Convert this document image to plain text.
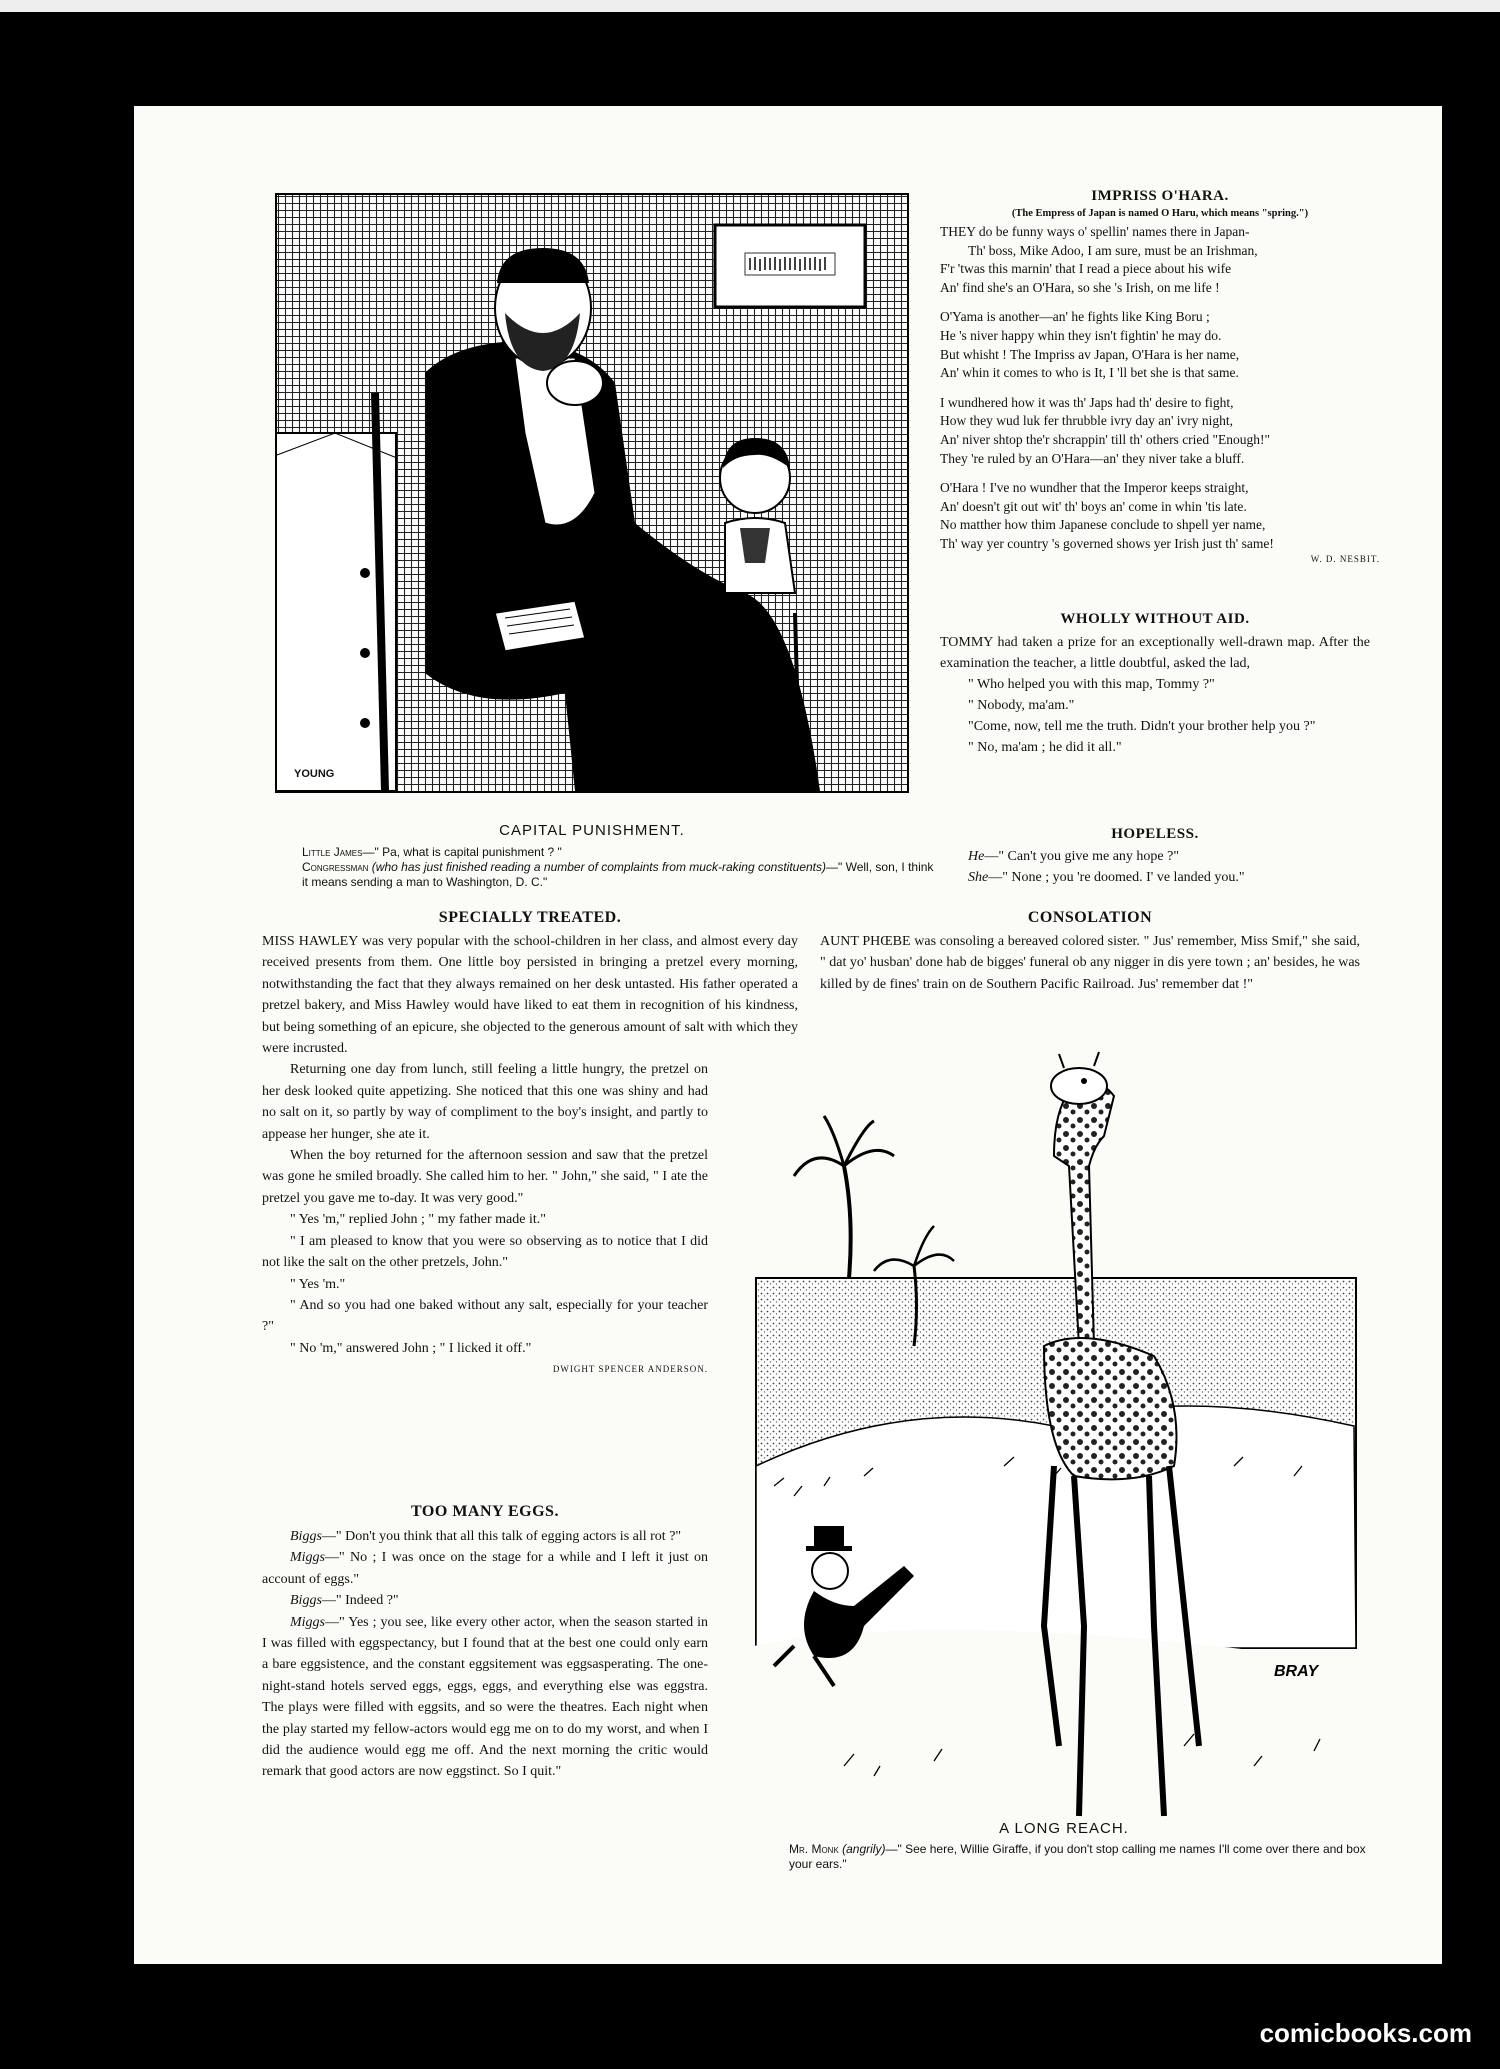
YOUNG
CAPITAL PUNISHMENT.
Little James—" Pa, what is capital punishment ? "
Congressman (who has just finished reading a number of complaints from muck-raking constituents)—" Well, son, I think it means sending a man to Washington, D. C."
IMPRISS O'HARA.
(The Empress of Japan is named O Haru, which means "spring.")
THEY do be funny ways o' spellin' names there in Japan-
Th' boss, Mike Adoo, I am sure, must be an Irishman,
F'r 'twas this marnin' that I read a piece about his wife
An' find she's an O'Hara, so she 's Irish, on me life !
O'Yama is another—an' he fights like King Boru ;
He 's niver happy whin they isn't fightin' he may do.
But whisht ! The Impriss av Japan, O'Hara is her name,
An' whin it comes to who is It, I 'll bet she is that same.
I wundhered how it was th' Japs had th' desire to fight,
How they wud luk fer thrubble ivry day an' ivry night,
An' niver shtop the'r shcrappin' till th' others cried "Enough!"
They 're ruled by an O'Hara—an' they niver take a bluff.
O'Hara ! I've no wundher that the Imperor keeps straight,
An' doesn't git out wit' th' boys an' come in whin 'tis late.
No matther how thim Japanese conclude to shpell yer name,
Th' way yer country 's governed shows yer Irish just th' same!
W. D. NESBIT.
WHOLLY WITHOUT AID.

TOMMY had taken a prize for an exceptionally well-drawn map. After the examination the teacher, a little doubtful, asked the lad,

" Who helped you with this map, Tommy ?"

" Nobody, ma'am."

"Come, now, tell me the truth. Didn't your brother help you ?"

" No, ma'am ; he did it all."

HOPELESS.
He—" Can't you give me any hope ?"
She—" None ; you 're doomed. I' ve landed you."
SPECIALLY TREATED.

MISS HAWLEY was very popular with the school-children in her class, and almost every day received presents from them. One little boy persisted in bringing a pretzel every morning, notwithstanding the fact that they always remained on her desk untasted. His father operated a pretzel bakery, and Miss Hawley would have liked to eat them in recognition of his kindness, but being something of an epicure, she objected to the generous amount of salt with which they were incrusted.

Returning one day from lunch, still feeling a little hungry, the pretzel on her desk looked quite appetizing. She noticed that this one was shiny and had no salt on it, so partly by way of compliment to the boy's insight, and partly to appease her hunger, she ate it.

When the boy returned for the afternoon session and saw that the pretzel was gone he smiled broadly. She called him to her. " John," she said, " I ate the pretzel you gave me to-day. It was very good."

" Yes 'm," replied John ; " my father made it."

" I am pleased to know that you were so observing as to notice that I did not like the salt on the other pretzels, John."

" Yes 'm."

" And so you had one baked without any salt, especially for your teacher ?"

" No 'm," answered John ; " I licked it off."

DWIGHT SPENCER ANDERSON.
TOO MANY EGGS.

Biggs—" Don't you think that all this talk of egging actors is all rot ?"

Miggs—" No ; I was once on the stage for a while and I left it just on account of eggs."

Biggs—" Indeed ?"

Miggs—" Yes ; you see, like every other actor, when the season started in I was filled with eggspectancy, but I found that at the best one could only earn a bare eggsistence, and the constant eggsitement was eggsasperating. The one-night-stand hotels served eggs, eggs, eggs, and everything else was eggstra. The plays were filled with eggsits, and so were the theatres. Each night when the play started my fellow-actors would egg me on to do my worst, and when I did the audience would egg me off. And the next morning the critic would remark that good actors are now eggstinct. So I quit."

CONSOLATION

AUNT PHŒBE was consoling a bereaved colored sister. " Jus' remember, Miss Smif," she said, " dat yo' husban' done hab de bigges' funeral ob any nigger in dis yere town ; an' besides, he was killed by de fines' train on de Southern Pacific Railroad. Jus' remember dat !"

BRAY
A LONG REACH.
Mr. Monk (angrily)—" See here, Willie Giraffe, if you don't stop calling me names I'll come over there and box your ears."
comicbooks.com
